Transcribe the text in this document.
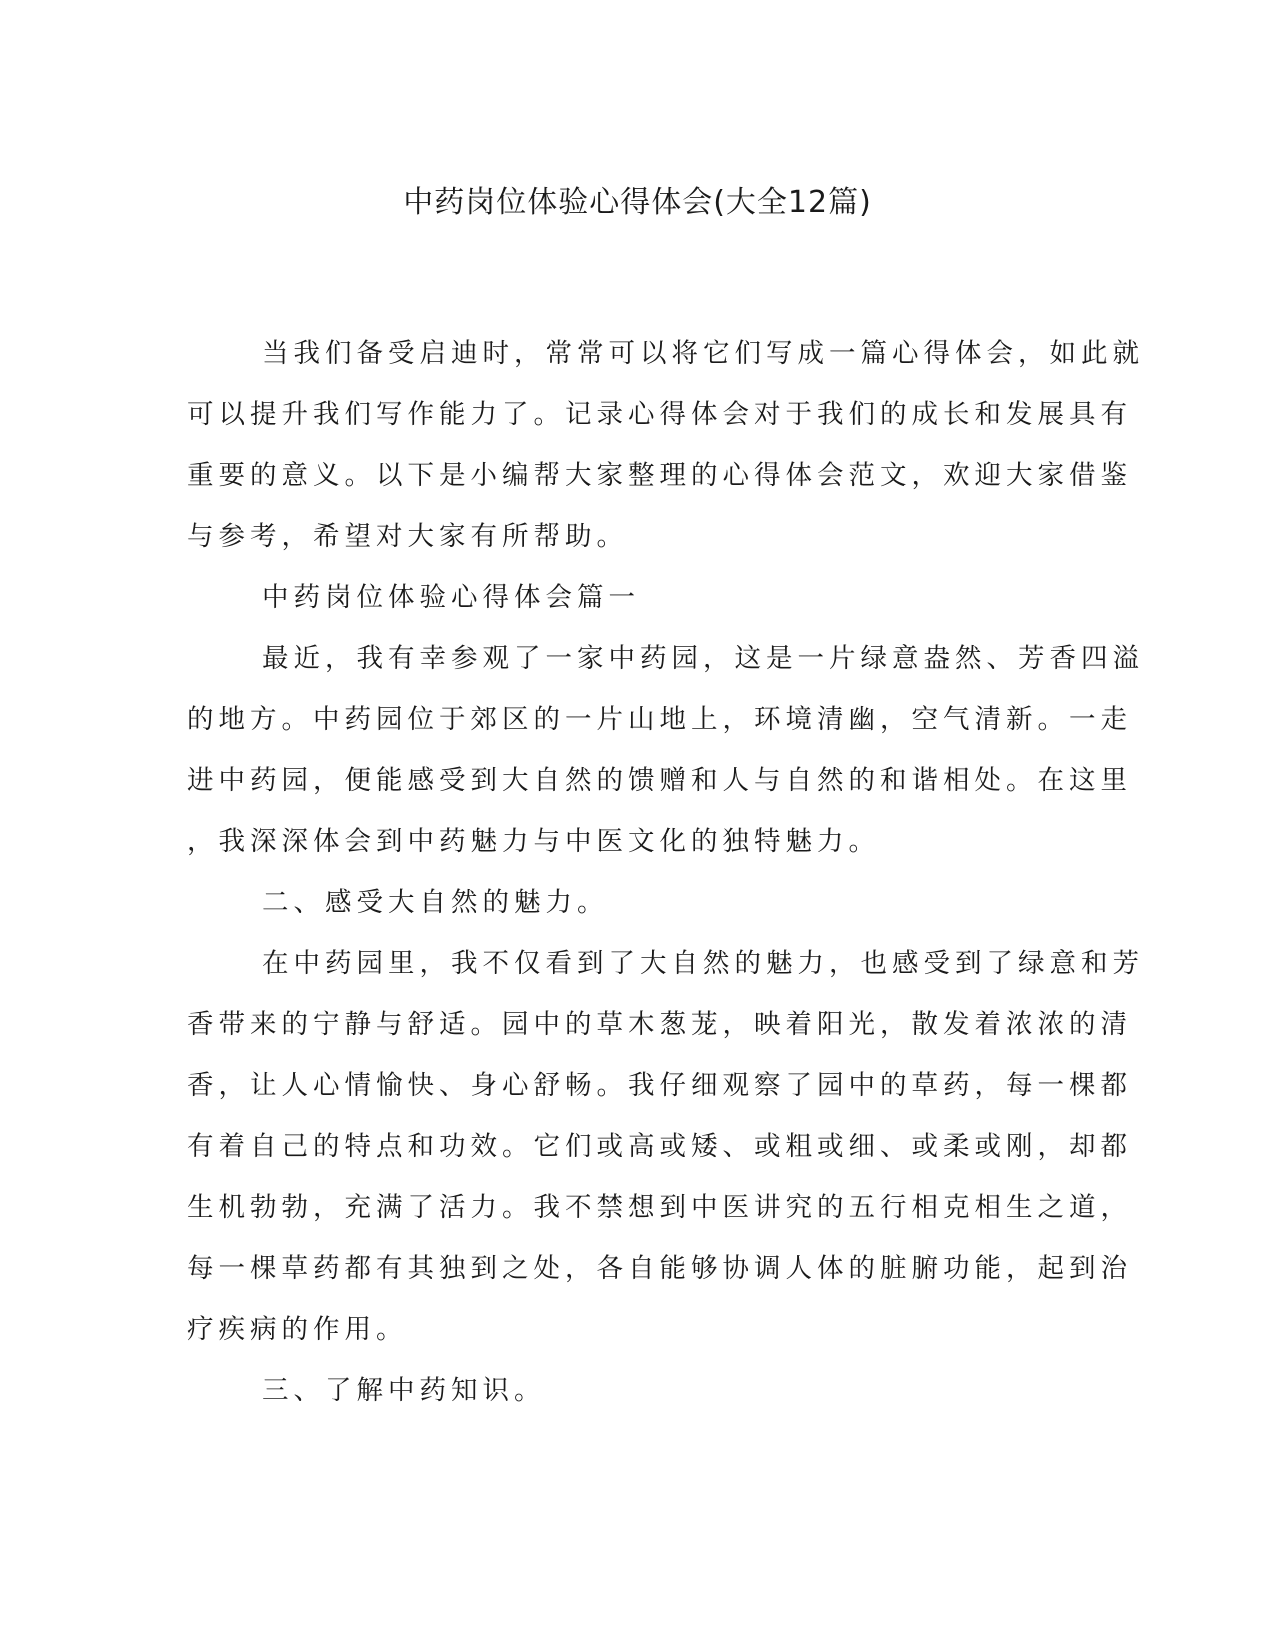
中药岗位体验心得体会(大全12篇)
当我们备受启迪时，常常可以将它们写成一篇心得体会，如此就
可以提升我们写作能力了。记录心得体会对于我们的成长和发展具有
重要的意义。以下是小编帮大家整理的心得体会范文，欢迎大家借鉴
与参考，希望对大家有所帮助。
中药岗位体验心得体会篇一
最近，我有幸参观了一家中药园，这是一片绿意盎然、芳香四溢
的地方。中药园位于郊区的一片山地上，环境清幽，空气清新。一走
进中药园，便能感受到大自然的馈赠和人与自然的和谐相处。在这里
，我深深体会到中药魅力与中医文化的独特魅力。
二、感受大自然的魅力。
在中药园里，我不仅看到了大自然的魅力，也感受到了绿意和芳
香带来的宁静与舒适。园中的草木葱茏，映着阳光，散发着浓浓的清
香，让人心情愉快、身心舒畅。我仔细观察了园中的草药，每一棵都
有着自己的特点和功效。它们或高或矮、或粗或细、或柔或刚，却都
生机勃勃，充满了活力。我不禁想到中医讲究的五行相克相生之道，
每一棵草药都有其独到之处，各自能够协调人体的脏腑功能，起到治
疗疾病的作用。
三、了解中药知识。
